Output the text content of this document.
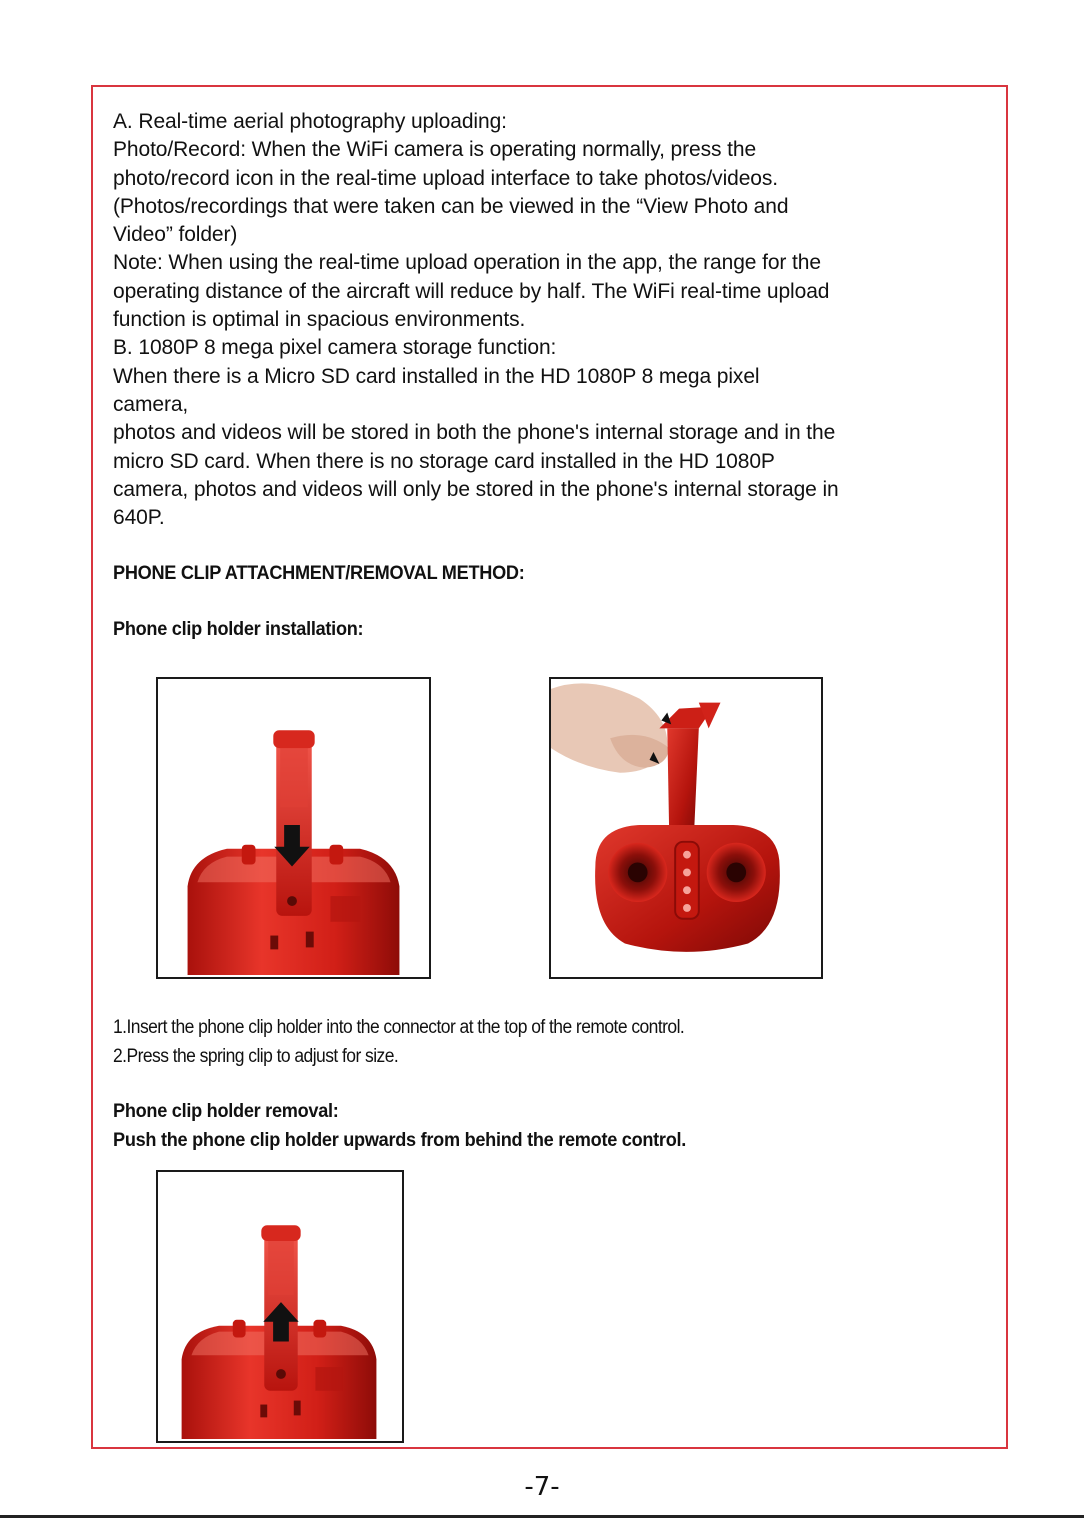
A. Real-time aerial photography uploading:
Photo/Record: When the WiFi camera is operating normally, press the
photo/record icon in the real-time upload interface to take photos/videos.
(Photos/recordings that were taken can be viewed in the “View Photo and
Video” folder)
Note: When using the real-time upload operation in the app, the range for the
operating distance of the aircraft will reduce by half. The WiFi real-time upload
function is optimal in spacious environments.
B. 1080P 8 mega pixel camera storage function:
When there is a Micro SD card installed in the HD 1080P 8 mega pixel
camera,
photos and videos will be stored in both the phone's internal storage and in the
micro SD card. When there is no storage card installed in the HD 1080P
camera, photos and videos will only be stored in the phone's internal storage in
640P.
PHONE CLIP ATTACHMENT/REMOVAL METHOD:
Phone clip holder installation:
1.Insert the phone clip holder into the connector at the top of the remote control.
2.Press the spring clip to adjust for size.
Phone clip holder removal:
Push the phone clip holder upwards from behind the remote control.
-7-
